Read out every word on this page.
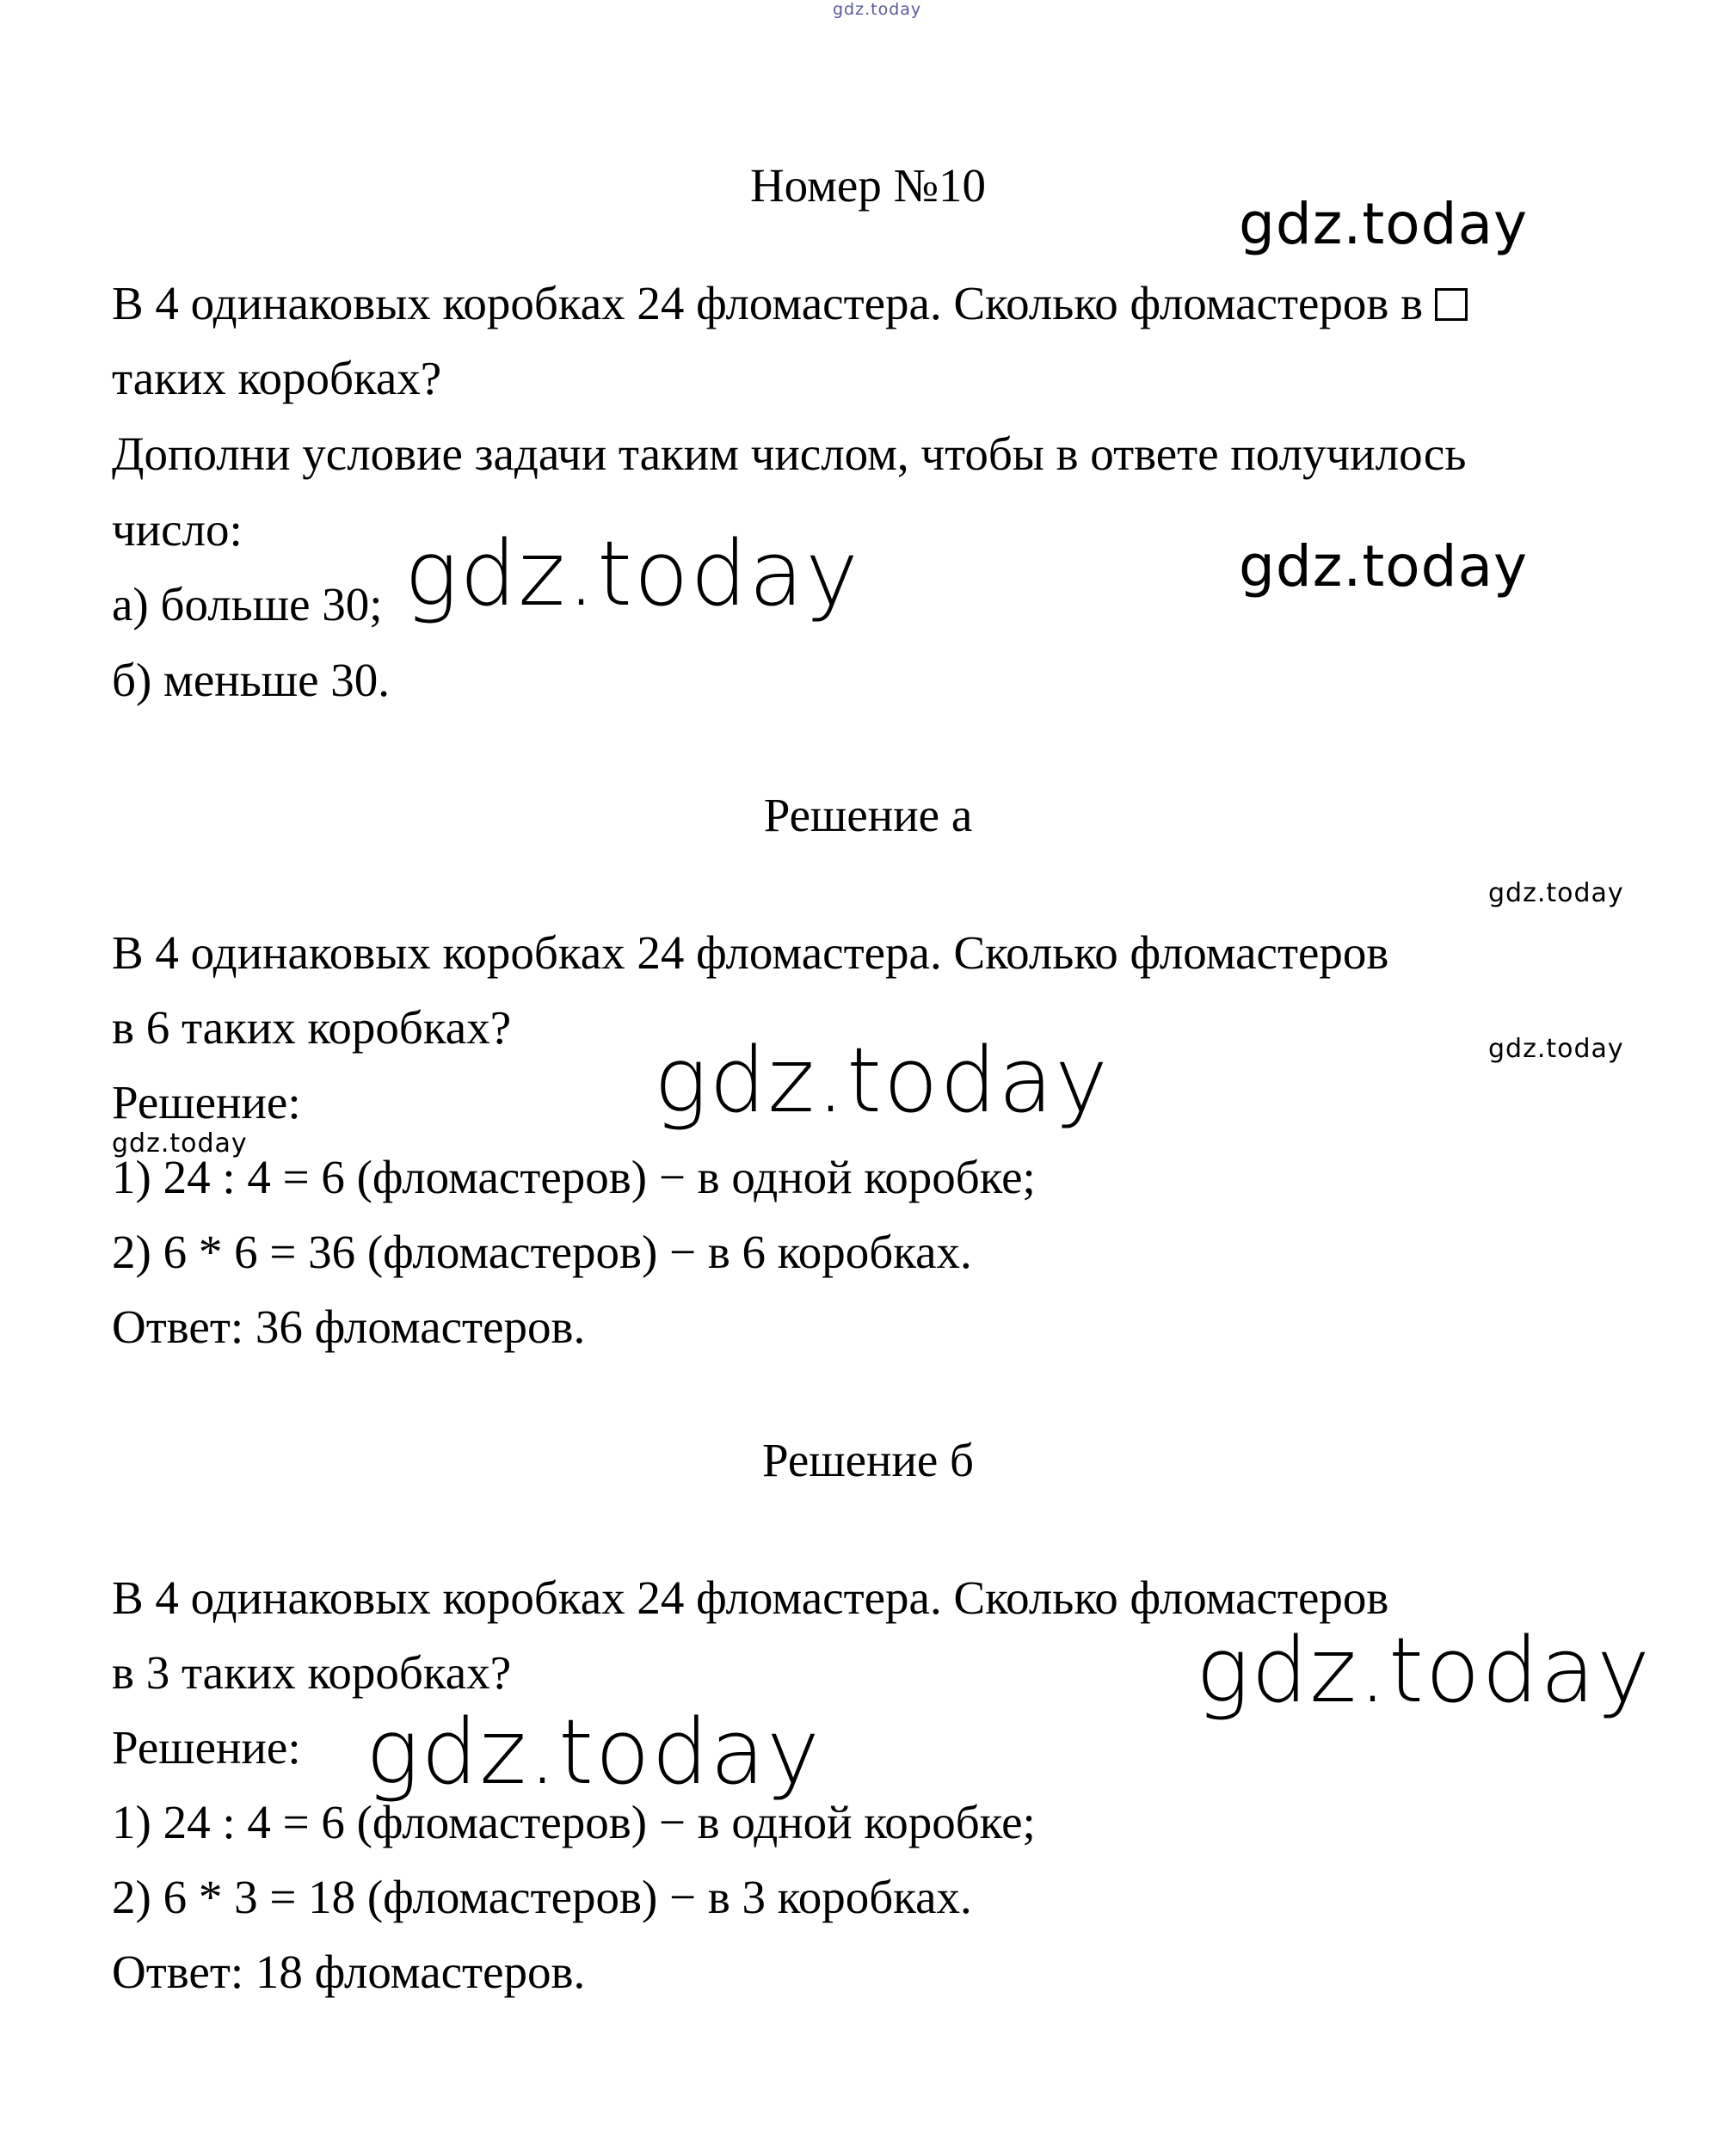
gdz.today
gdz.today
gdz.today	gdz.today
gdz.today
gdz.today	gdz.today
gdz.today
gdz.today
gdz.today
Номер №10
В 4 одинаковых коробках 24 фломастера. Сколько фломастеров в
таких коробках?
Дополни условие задачи таким числом, чтобы в ответе получилось
число:
а) больше 30;
б) меньше 30.
Решение а
В 4 одинаковых коробках 24 фломастера. Сколько фломастеров
в 6 таких коробках?
Решение:
1) 24 : 4 = 6 (фломастеров) − в одной коробке;
2) 6 * 6 = 36 (фломастеров) − в 6 коробках.
Ответ: 36 фломастеров.
Решение б
В 4 одинаковых коробках 24 фломастера. Сколько фломастеров
в 3 таких коробках?
Решение:
1) 24 : 4 = 6 (фломастеров) − в одной коробке;
2) 6 * 3 = 18 (фломастеров) − в 3 коробках.
Ответ: 18 фломастеров.
